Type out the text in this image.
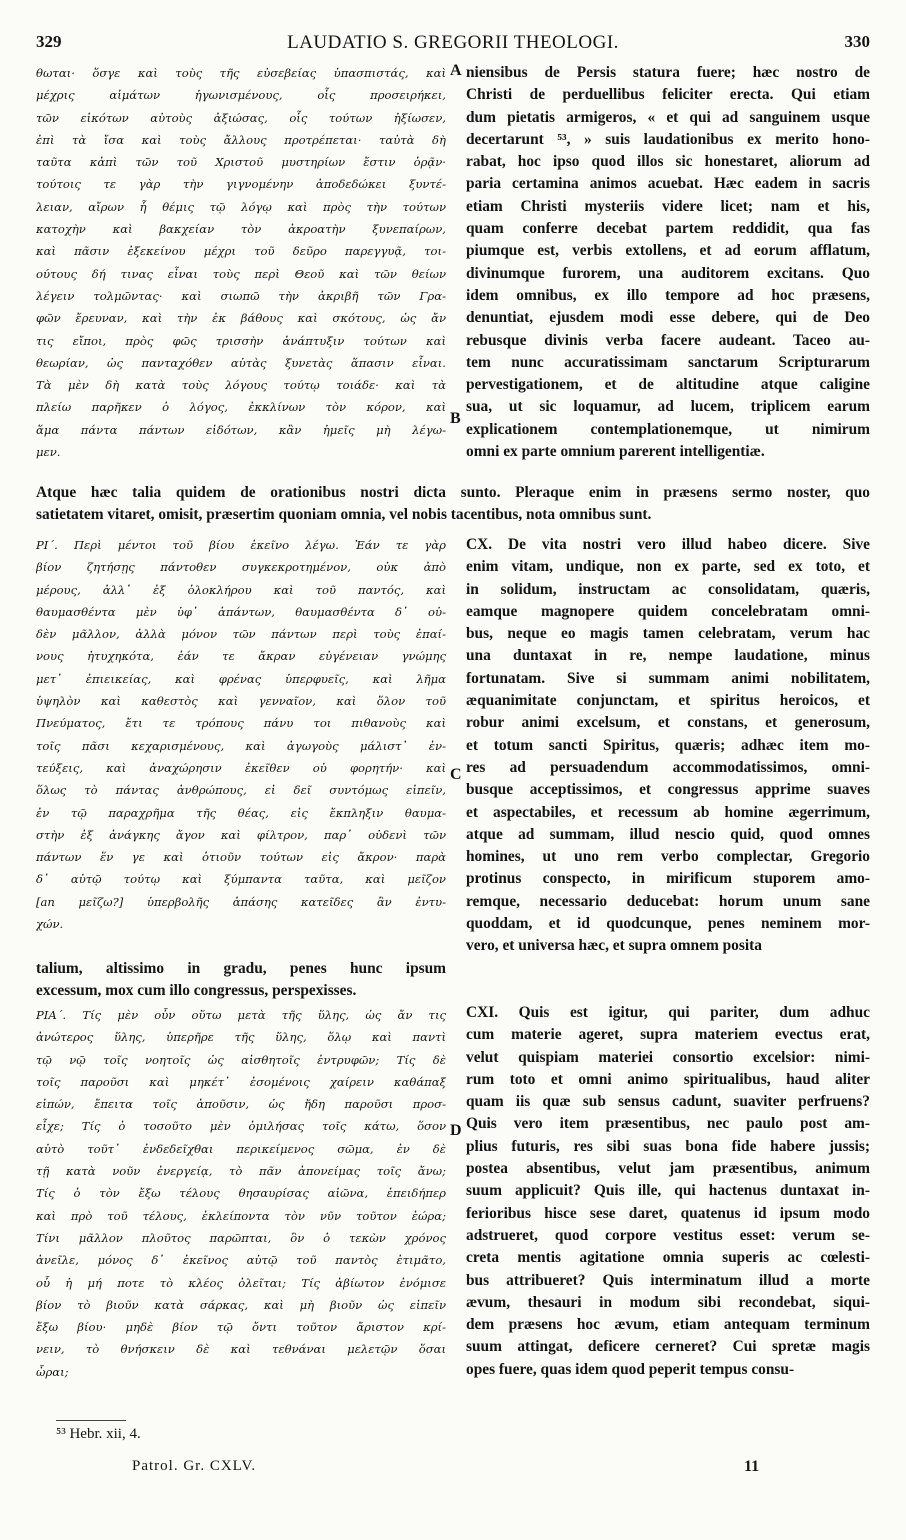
329	LAUDATIO S. GREGORII THEOLOGI.	330
θωται· ὅσγε καὶ τοὺς τῆς εὐσεβείας ὑπασπιστάς, καὶ
μέχρις αἱμάτων ἠγωνισμένους, οἷς προσειρήκει,
τῶν εἰκότων αὐτοὺς ἀξιώσας, οἷς τούτων ἠξίωσεν,
ἐπὶ τὰ ἴσα καὶ τοὺς ἄλλους προτρέπεται· ταὐτὰ δὴ
ταῦτα κἀπὶ τῶν τοῦ Χριστοῦ μυστηρίων ἔστιν ὁρᾷν·
τούτοις τε γὰρ τὴν γιγνομένην ἀποδεδώκει ξυντέ-
λειαν, αἴρων ἧ θέμις τῷ λόγῳ καὶ πρὸς τὴν τούτων
κατοχὴν καὶ βακχείαν τὸν ἀκροατὴν ξυνεπαίρων,
καὶ πᾶσιν ἐξεκείνου μέχρι τοῦ δεῦρο παρεγγυᾷ, τοι-
ούτους δή τινας εἶναι τοὺς περὶ Θεοῦ καὶ τῶν θείων
λέγειν τολμῶντας· καὶ σιωπῶ τὴν ἀκριβῆ τῶν Γρα-
φῶν ἔρευναν, καὶ τὴν ἐκ βάθους καὶ σκότους, ὡς ἄν
τις εἴποι, πρὸς φῶς τρισσὴν ἀνάπτυξιν τούτων καὶ
θεωρίαν, ὡς πανταχόθεν αὐτὰς ξυνετὰς ἅπασιν εἶναι.
Τὰ μὲν δὴ κατὰ τοὺς λόγους τούτῳ τοιάδε· καὶ τὰ
πλείω παρῆκεν ὁ λόγος, ἐκκλίνων τὸν κόρον, καὶ
ἅμα πάντα πάντων εἰδότων, κἂν ἡμεῖς μὴ λέγω-
μεν.
niensibus de Persis statura fuere; hæc nostro de
Christi de perduellibus feliciter erecta. Qui etiam
dum pietatis armigeros, « et qui ad sanguinem usque
decertarunt ⁵³, » suis laudationibus ex merito hono-
rabat, hoc ipso quod illos sic honestaret, aliorum ad
paria certamina animos acuebat. Hæc eadem in sacris
etiam Christi mysteriis videre licet; nam et his,
quam conferre decebat partem reddidit, qua fas
piumque est, verbis extollens, et ad eorum afflatum,
divinumque furorem, una auditorem excitans. Quo
idem omnibus, ex illo tempore ad hoc præsens,
denuntiat, ejusdem modi esse debere, qui de Deo
rebusque divinis verba facere audeant. Taceo au-
tem nunc accuratissimam sanctarum Scripturarum
pervestigationem, et de altitudine atque caligine
sua, ut sic loquamur, ad lucem, triplicem earum
explicationem contemplationemque, ut nimirum
omni ex parte omnium parerent intelligentiæ.
Atque hæc talia quidem de orationibus nostri dicta sunto. Pleraque enim in præsens sermo noster, quo
satietatem vitaret, omisit, præsertim quoniam omnia, vel nobis tacentibus, nota omnibus sunt.
ΡΙ΄. Περὶ μέντοι τοῦ βίου ἐκεῖνο λέγω. Ἐάν τε γὰρ
βίον ζητήσῃς πάντοθεν συγκεκροτημένον, οὐκ ἀπὸ
μέρους, ἀλλ᾽ ἐξ ὁλοκλήρου καὶ τοῦ παντός, καὶ
θαυμασθέντα μὲν ὑφ᾽ ἁπάντων, θαυμασθέντα δ᾽ οὐ-
δὲν μᾶλλον, ἀλλὰ μόνον τῶν πάντων περὶ τοὺς ἐπαί-
νους ἠτυχηκότα, ἐάν τε ἄκραν εὐγένειαν γνώμης
μετ᾽ ἐπιεικείας, καὶ φρένας ὑπερφυεῖς, καὶ λῆμα
ὑψηλὸν καὶ καθεστὸς καὶ γενναῖον, καὶ ὅλον τοῦ
Πνεύματος, ἔτι τε τρόπους πάνυ τοι πιθανοὺς καὶ
τοῖς πᾶσι κεχαρισμένους, καὶ ἀγωγοὺς μάλιστ᾽ ἐν-
τεύξεις, καὶ ἀναχώρησιν ἐκεῖθεν οὐ φορητήν· καὶ
ὅλως τὸ πάντας ἀνθρώπους, εἰ δεῖ συντόμως εἰπεῖν,
ἐν τῷ παραχρῆμα τῆς θέας, εἰς ἔκπληξιν θαυμα-
στὴν ἐξ ἀνάγκης ἄγον καὶ φίλτρον, παρ᾽ οὐδενὶ τῶν
πάντων ἕν γε καὶ ὁτιοῦν τούτων εἰς ἄκρον· παρὰ
δ᾽ αὐτῷ τούτῳ καὶ ξύμπαντα ταῦτα, καὶ μεῖζον
[an μεῖζω?] ὑπερβολῆς ἁπάσης κατεῖδες ἂν ἐντυ-
χών.
CX. De vita nostri vero illud habeo dicere. Sive
enim vitam, undique, non ex parte, sed ex toto, et
in solidum, instructam ac consolidatam, quæris,
eamque magnopere quidem concelebratam omni-
bus, neque eo magis tamen celebratam, verum hac
una duntaxat in re, nempe laudatione, minus
fortunatam. Sive si summam animi nobilitatem,
æquanimitate conjunctam, et spiritus heroicos, et
robur animi excelsum, et constans, et generosum,
et totum sancti Spiritus, quæris; adhæc item mo-
res ad persuadendum accommodatissimos, omni-
busque acceptissimos, et congressus apprime suaves
et aspectabiles, et recessum ab homine ægerrimum,
atque ad summam, illud nescio quid, quod omnes
homines, ut uno rem verbo complectar, Gregorio
protinus conspecto, in mirificum stuporem amo-
remque, necessario deducebat: horum unum sane
quoddam, et id quodcunque, penes neminem mor-
vero, et universa hæc, et supra omnem posita
talium, altissimo in gradu, penes hunc ipsum
excessum, mox cum illo congressus, perspexisses.
ΡΙΑ΄. Τίς μὲν οὖν οὕτω μετὰ τῆς ὕλης, ὡς ἄν τις
ἀνώτερος ὕλης, ὑπερῆρε τῆς ὕλης, ὅλῳ καὶ παντὶ
τῷ νῷ τοῖς νοητοῖς ὡς αἰσθητοῖς ἐντρυφῶν; Τίς δὲ
τοῖς παροῦσι καὶ μηκέτ᾽ ἐσομένοις χαίρειν καθάπαξ
εἰπών, ἔπειτα τοῖς ἀποῦσιν, ὡς ἤδη παροῦσι προσ-
εἶχε; Τίς ὁ τοσοῦτο μὲν ὁμιλήσας τοῖς κάτω, ὅσον
αὐτὸ τοῦτ᾽ ἐνδεδεῖχθαι περικείμενος σῶμα, ἐν δὲ
τῇ κατὰ νοῦν ἐνεργείᾳ, τὸ πᾶν ἀπονείμας τοῖς ἄνω;
Τίς ὁ τὸν ἔξω τέλους θησαυρίσας αἰῶνα, ἐπειδήπερ
καὶ πρὸ τοῦ τέλους, ἐκλείποντα τὸν νῦν τοῦτον ἑώρα;
Τίνι μᾶλλον πλοῦτος παρῶπται, ὃν ὁ τεκὼν χρόνος
ἀνεῖλε, μόνος δ᾽ ἐκεῖνος αὐτῷ τοῦ παντὸς ἐτιμᾶτο,
οὗ ἡ μή ποτε τὸ κλέος ὀλεῖται; Τίς ἀβίωτον ἐνόμισε
βίον τὸ βιοῦν κατὰ σάρκας, καὶ μὴ βιοῦν ὡς εἰπεῖν
ἔξω βίου· μηδὲ βίον τῷ ὄντι τοῦτον ἄριστον κρί-
νειν, τὸ θνήσκειν δὲ καὶ τεθνάναι μελετῷν ὅσαι
ὧραι;
CXI. Quis est igitur, qui pariter, dum adhuc
cum materie ageret, supra materiem evectus erat,
velut quispiam materiei consortio excelsior: nimi-
rum toto et omni animo spiritualibus, haud aliter
quam iis quæ sub sensus cadunt, suaviter perfruens?
Quis vero item præsentibus, nec paulo post am-
plius futuris, res sibi suas bona fide habere jussis;
postea absentibus, velut jam præsentibus, animum
suum applicuit? Quis ille, qui hactenus duntaxat in-
ferioribus hisce sese daret, quatenus id ipsum modo
adstrueret, quod corpore vestitus esset: verum se-
creta mentis agitatione omnia superis ac cœlesti-
bus attribueret? Quis interminatum illud a morte
ævum, thesauri in modum sibi recondebat, siqui-
dem præsens hoc ævum, etiam antequam terminum
suum attingat, deficere cerneret? Cui spretæ magis
opes fuere, quas idem quod peperit tempus consu-
A
B
C
D
⁵³ Hebr. xii, 4.
Patrol. Gr. CXLV.	11
